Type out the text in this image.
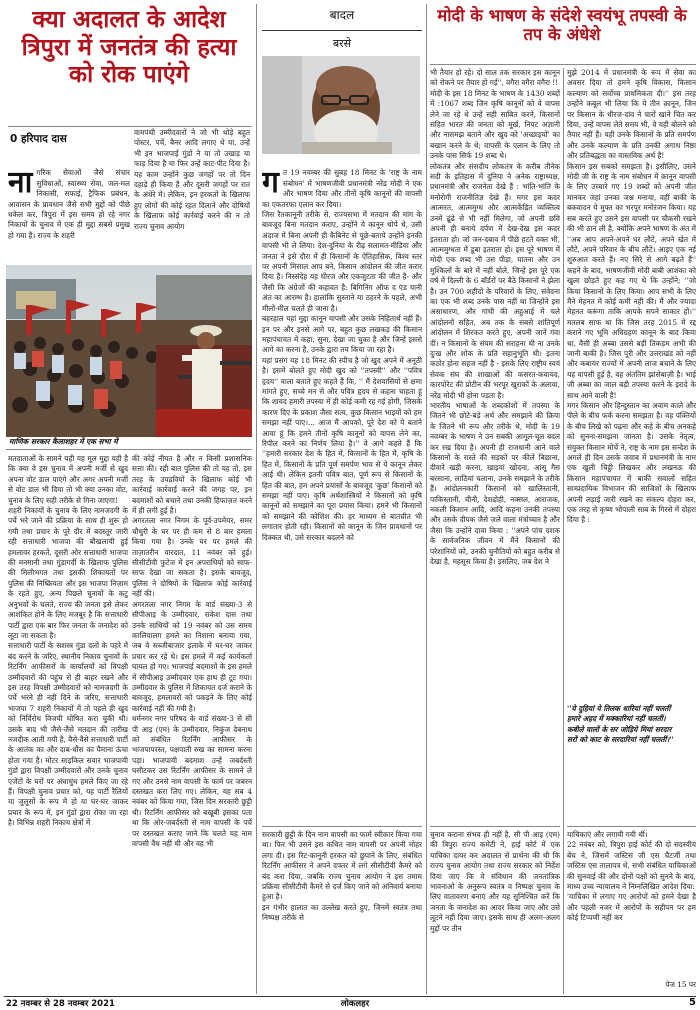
क्या अदालत के आदेश त्रिपुरा में जनतंत्र की हत्या को रोक पाएंगे
0 हरिपाद दास

नागरिक सेवाओं जैसे संचार सुविधाओं, स्वास्थ्य सेवा, जल-मल निकासी, सफाई, ट्रैफिक प्रबंधन, आवासन के प्रावधान जैसे सभी मुद्दों को पीछे धकेल कर, त्रिपुरा में इस समय हो रहे नगर निकायों के चुनाव में एक ही मुद्दा सबसे प्रमुख हो गया है। राज्य के शहरी

वामपंथी उम्मीदवारों ने जो भी थोड़े बहुत पोस्टर, पर्चे, बैनर आदि लगाए थे या, उन्हें भी इन भाजपाई गुंडों ने या तो उखाड़ या फाड़ दिया है या फिर उन्हें काट-पीट दिया है। यह काम उन्होंने कुछ जगहों पर तो दिन दहाड़े ही किया है और दूसरी जगहों पर रात के अंधेरे में। लेकिन, इन हरकतों के खिलाफ हुए लोगों की कोई रहत दिलाने और दोषियों के खिलाफ कोई कार्रवाई करने की न तो राज्य चुनाव आयोग
माणिक सरकार कैलाशहर में एक सभा में
मतदाताओं के सामने यही यह मूल मुद्दा यही है कि क्या वे इस चुनाव में अपनी मर्जी से खुद अपना वोट डाल पाएंगे और अगर अपनी मर्जी से वोट डाल भी दिया तो भी क्या उनका वोट, चुनाव के लिए सही तरीके से गिना जाएगा!
शहरी निकायों के चुनाव के लिए नामजदगी के पर्चे भरे जाने की प्रक्रिया के साथ ही शुरू हो गयी तथा प्रचार के पूरे दौर में बदस्तूर जारी रही सत्ताधारी भाजपा की बौखलायी हुई हमलावर हरकतें, दूसरी ओर सत्ताधारी भाजपा की मनमानी तथा गुंडागर्दी के खिलाफ पुलिस की मिलीभगत तथा इसकी शिकायतों पर पुलिस की निष्क्रियता और इस भाजपा निज़ाम के रहते हुए, अन्य पिछले चुनावों के कटु अनुभवों के चलते, राज्य की जनता इसे लेकर आशंकित होने के लिए मजबूर है कि सत्ताधारी पार्टी द्वारा एक बार फिर जनता के जनादेश को लूटा जा सकता है।
सत्ताधारी पार्टी के सशस्त्र गुंडा दलों के पहरे में बंद करने के जरिए, स्थानीय निकाय चुनावों के रिटर्निंग आफीसरों के कार्यालयों को विपक्षी उम्मीदवारों की पहुंच से ही बाहर रखने और इस तरह विपक्षी उम्मीदवारों को नामजदगी के पर्चे भरने ही नहीं दिने के जरिए, सत्ताधारी भाजपा 7 शहरी निकायों में तो पहले ही खुद को निर्विरोध विजयी घोषित करा चुकी थी। उसके बाद भी जैसे-जैसे मतदान की तारीख नजदीक आती गयी है, वैसे-वैसे सत्ताधारी पार्टी के आतंक का और दाब-धौंस का पैमाना ऊंचा होता गया है। मोटर साइकिल सवार भाजपायी गुंडों द्वारा विपक्षी उम्मीदवारों और उनके चुनाव एजेंटों के घरों पर अंधाधुंध हमले किए जा रहे हैं। विपक्षी चुनाव प्रचार को, यह पार्टी रैलियों या जुलूसों के रूप में हो या घर-घर जाकर प्रचार के रूप में, इन गुंडों द्वारा रोका जा रहा है। विभिन्न शहरी निकाय क्षेत्रों में
की कोई नीयत है और न किसी प्रशासनिक सत्ता की। रही बात पुलिस की तो यह तो, इस तरह के उपद्रवियों के खिलाफ कोई भी कार्रवाई कार्रवाई करने की जगह पर, इन बदमाशों को बचाने तथा उनकी हिफाज़त करने में ही लगी हुई है।
अगरतला नगर निगम के पूर्व-उपमेयर, समर चौधुरी के घर पर ही कम से 8 बार हमला किया गया है। उनके घर पर हमले की ताज़ातरीन वारदात, 11 नवंबर को हुई। सीसीटीवी फुटेज में इन अपराधियों को साफ-साफ देखा जा सकता है। इसके बावजूद, पुलिस ने दोषियों के खिलाफ कोई कार्रवाई नहीं की।
अगरतला नगर निगम के वार्ड संख्या-3 से सीपीआइ के उम्मीदवार, राकेश दास तथा उनके साथियों को 19 नवंबर को उस समय कालियालग हमले का निशाना बनाया गया, जब वे सब्जीबाजार इलाके में घर-घर जाकर प्रचार कर रहे थे। इस हमले में कई कार्यकर्ता घायल हो गए। भाजपाई बदमाशों के इस हमले में सीपीआइ उम्मीदवार एक हाथ ही टूट गया। उम्मीदवार के पुलिस में शिकायत दर्ज कराने के बावजूद, हमलावरों को पकड़ने के लिए कोई कार्रवाई नहीं की गयी है।
धर्मनगर नगर परिषद के वार्ड संख्या-3 से सी पी आइ (एम) के उम्मीदवार, निकुंज देबनाथ को संबंधित रिटर्निंग आफीसर के भाजपापरस्त, पक्षपाती रुख का सामना करना पड़ा। भाजपायी बदमाश उन्हें जबर्दस्ती घसीटकर उस रिटर्निंग आफीसर के सामने ले गए और उनसे नाम वापसी के फार्म पर जबरन दस्तखत करा लिए गए। लेकिन, यह सब 4 नवंबर को किया गया, जिस दिन सरकारी छुट्टी थी। रिटर्निंग आफीसर को बखूबी इसका पता था कि ओर-जबर्दस्ती से नाम वापसी के पर्चे पर दस्तखत कराए जाने कि चलते यह नाम वापसी वैध नहीं थी और वह भी
बादल
बरसे

गत 19 नवम्बर की सुबह 18 मिनट के 'राष्ट्र के नाम संबोधन' में भाषणजीवी प्रधानमंत्री नरेंद्र मोदी ने एक और भाषण दिया और तीनों कृषि कानूनों की वापसी का एकतरफा एलान कर दिया।
जिस रैतकानूनी तरीके से, राज्यसभा में मतदान की मांग के बावजूद बिना मतदान कराए, उन्होंने ये कानून थोपे थे, उसी अंदाज में बिना अपनी ही कैबिनेट से पूछे-बताये उन्होंने इनकी वापसी भी ले लिया। देश-दुनिया के रीढ़ सलामत-मीडिया और जनता ने इसे दौरा में ही किसानों के ऐतिहासिक, विश्व स्तर पर अपनी मिसाल आप बने, किसान आंदोलन की जीत करार दिया है। निस्संदेह यह धीरज और एकजुटता की जीत है- और जैसी कि अंग्रेजों की कहावत है: बिगिनिंग ऑफ द एंड यानी अंत का आरम्भ है। हालांकि सुस्ताने या ठहरने के पहले, अभी मीलों-मील चलते ही जाना है।
बहरहाल यहां मुद्दा कानून वापसी और उसके निहितार्थ नहीं हैं। इन पर और इनसे आगे पर, बहुत कुछ लखकड़ की किसान महापंचायत में कहा, सुना, देखा जा चुका है और जिन्हें इससे आगे का करना है, उनके द्वारा तय किया जा रहा है।
यहां प्रसंग यह 18 मिनट की स्पीच है जो खुद अपने में अनूठी है। इसमें बोलते हुए मोदी खुद को ''तपस्वी'' और ''पवित्र हृदय'' वाला बताते हुए कहते हैं कि, '' मैं देशवासियों से क्षमा मांगते हुए, सच्चे मन से और पवित्र हृदय से कहना चाहता हूं कि शायद हमारी तपस्या में ही कोई कमी रह गई होगी, जिसके कारण दिए के प्रकाश जैसा सत्य, कुछ किसान भाइयों को हम समझा नहीं पाए।... आज मैं आपको, पूरे देश को ये बताने आया हूं कि हमने तीनों कृषि कानूनों को वापस लेने का, रिपील करने का निर्णय लिया है।'' वे आगे कहते हैं कि ''हमारी सरकार देश के हित में, किसानों के हित में, कृषि के हित में, किसानों के प्रति पूर्ण समर्पण भाव से ये कानून लेकर आई थी। लेकिन इतनी पवित्र बात, पूर्ण रूप से किसानों के हित की बात, हम अपने प्रयासों के बावजूद 'कुछ' किसानों को समझा नहीं पाए। कृषि अर्थशास्त्रियों ने किसानों को कृषि कानूनों को समझाने का पूरा प्रयास किया। हमने भी किसानों को समझाने की कोशिश की। हर माध्यम से बातचीत भी लगातार होती रही। किसानों को कानून के जिन प्रावधानों पर दिक्कत थी, उसे सरकार बदलने को

सरकारी छुट्टी के दिन नाम वापसी का फार्म स्वीकार किया गया था। फिर भी उसने इस कथित नाम वापसी पर अपनी मोहर लगा दी। इस रिट-कानूनी हरकत को छुपाने के लिए, संबंधित रिटर्निंग आफीसर ने अपने दफ्तर में लगे सीसीटीवी कैमरे को बंद करा दिया, जबकि राज्य चुनाव आयोग ने इस तमाम प्रक्रिया सीसीटीवी कैमरे से दर्ज किए जाने को अनिवार्य बनाया हुआ है।
इन गंभीर हालात का उल्लेख करते हुए, जिनमें स्वतंत्र तथा निष्पक्ष तरीके से
मोदी के भाषण के संदेशे स्वयंभू तपस्वी के तप के अंधेशे
भी तैयार हो रहे। दो साल तक सरकार इस कानून को रोकने पर तैयार हो गई'', वगैरा वगैरा वगैरा !!
मोदी के इस 18 मिनट के भाषण के 1430 शब्दों में :1067 शब्द जिन कृषि कानूनों को वे वापस लेने जा रहे थे उन्हें सही साबित करने, किसानों सहित भारत की जनता को मूर्ख, निपट अज्ञानी और नासमझ बताने और खुद को 'अच्छाइयों' का बखान करने के थे; वापसी के एलान के लिए तो उनके पास सिर्फ 19 शब्द थे।
लोकतंत्र और संसदीय लोकतंत्र के करीब तीनेक सदी के इतिहास में दुनिया ने अनेक राष्ट्राध्यक्ष, प्रधानमंत्री और राजनेता देखे हैं : भांति-भांति के मनोरोगी राजनीतिज्ञ देखे हैं। मगर इस कदर आत्मरत, आत्ममुग्ध और आत्मकेंद्रित व्यक्तित्व उनमें ढूंढे से भी नहीं मिलेगा, जो अपनी छवि अपनी ही बनाये दर्पण में देख-देख इस कदर इतराता हो। जो जन-दबाव में पीछे हटते वक्त भी, आत्ममुग्धता में डूबा इतराता हो। इस पूरे भाषण में मोदी एक शब्द भी उस पीड़ा, यातना और उन मुश्किलों के बारे में नहीं बोले, जिन्हें इस पूरे एक वर्ष में दिल्ली के 6 बॉर्डरों पर बैठे किसानों ने झेला है। उन 700 शहीदों के परिवारों के लिए, संवेदना का एक भी शब्द उनके पास नहीं था जिन्होंने इस असाधारण, और गांधी की अहुआई में चले आंदोलनों सहित, अब तक के सबसे शांतिपूर्ण आंदोलन में शिरकत करते हुए, अपनी जानें गंवा दीं। न किसानों के संयम की सराहना थी ना उनके दुःख और शोक के प्रति सहानुभूति थी। इतना कठोर होना सहज नहीं है - इसके लिए राष्ट्रीय स्वयं सेवक संघ की शाखाओं की कसरत-कवायद, कारपोरेट की प्रोटीन की भरपूर खुराकों के अलावा, नरेंद्र मोदी भी होना पड़ता है।
भारतीय भाषाओं के शब्दकोशों में तपस्या के जितने भी छोटे-बड़े अर्थ और समझाने की क्रिया के जितने भी रूप और तरीके थे, मोदी के 19 नवम्बर के भाषण ने उन सबकी आमूल-चूल बदल कर रख दिया है। अपनी ही राजधानी आने वाले किसानों के रास्ते की सड़कों पर कीलें बिछाना, दीवारें खड़ी करना, खाइयां खोदना, आंसू गैस बरसाना, लाठियां चलाना, उनके समझाने के तरीके हैं। आंदोलनकारी किसानों को खालिस्तानी, पाकिस्तानी, चीनी, देशद्रोही, नक्सल, आराजक, नकली किसान आदि, आदि कहना उनकी तपस्या और उसके दीपक जैसे जले वाला मंत्रोच्चार है और जैसा कि उन्होंने दावा किया : ''अपने पांच दशक के सार्वजनिक जीवन में मैंने किसानों की परेशानियों को, उनकी चुनौतियों को बहुत करीब से देखा है, महसूस किया है। इसलिए, जब देश ने
चुनाव कराना संभव ही नहीं है, सी पी आइ (एम) की त्रिपुरा राज्य कमेटी ने, हाई कोर्ट में एक याचिका दायर कर अदालत से प्रार्थना की थी कि राज्य चुनाव आयोग तथा राज्य सरकार को निर्देश दिया जाए कि वे संविधान की जनतांत्रिक भावनाओं के अनुरूप स्वतंत्र व निष्पक्ष चुनाव के लिए वातावरण बनाएं और यह सुनिश्चित करें कि जनता के जनादेश का आदर किया जाए और उसे लूटने नहीं दिया जाए। इसके साथ ही अलग-अलग मुद्दों पर तीन
मुझे 2014 में प्रधानमंत्री के रूप में सेवा का अवसर दिया तो हमने कृषि विकास, किसान कल्याण को सर्वोच्च प्राथमिकता दी।'' इस तरह उन्होंने कबूल भी लिया कि ये तीन क़ानून, जिन पर किसान के धीरज-दांव ने चारों खाने चित कर दिया, उन्हें वापस लेते समय भी, वे यही बोलने को तैयार नहीं हैं। यही उनके किसानों के प्रति समर्पण और उनके कल्याण के प्रति उनकी अगाध निष्ठा और प्रतिबद्धता का वास्तविक अर्थ है!
किसान इस सबको समझता है। इसीलिए, उसने मोदी जी के राष्ट्र के नाम संबोधन में क़ानून वापसी के लिए उच्चारे गए 19 शब्दों को अपनी जीत मानकर जहां उनका जश्न मनाया, वहीं बाकी के बकवादन ये मुफ्त का भरपूर मनोरंजन किया। यह सब करते हुए उसने इस वापसी पर चौकसी रखने की भी ठान ली है, क्योंकि अपने भाषण के अंत में ''अब आप अपने-अपने घर लौटें, अपने खेत में लौटें, अपने परिवार के बीच लौटें। आइए एक नई शुरुआत करते हैं। नए सिरे से आगे बढ़ते हैं'' कहने के बाद, भाषणजीवी मोदी बाबी आशंका को खुला छोड़ते हुए कह गए थे कि उन्होंने; ''जो किया किसानों के लिए किया। आप सभी के लिए मैंने मेहनत में कोई कमी नहीं की। मैं और ज्यादा मेहनत करूंगा ताकि आपके सपने साकार हों।'' मतलब साफ था कि जिस तरह 2015 में रद्द कराने गए भूमि अधिग्रहण कानून के बाद किया था, वैसी ही अब्बा उससे बड़ी तिकड़म अभी की जानी बाकी है। जिस पूरी और उत्तराखंड को नहीं और कबायर राज्यों में अपनी लाज बचाने के लिए यह वापसी हुई है, वह अंततिम झांसेबाज़ी है। भाई जी अब्बा का जाल बड़ी तपस्या करने के इरादे के साथ आने वाली है!
मगर किसान और हिन्दुस्तान का अवाम काले और पीले के बीच फर्क करना समझता है। वह पंक्तियों के बीच लिखे को पढ़ना और कहे के बीच अनकहे को सुनना-समझना जानता है। उसके नेतृत्व, संयुक्त किसान मोर्चे ने, राष्ट्र के नाम इस सन्देश के अगले ही दिन उसके जवाब में प्रधानमंत्री के नाम एक खुली चिट्ठी लिखकर और लखनऊ की किसान महापंचायत में बाकी सवालों सहित साम्प्रदायिक विभाजन की साजिशों के खिलाफ अपनी लड़ाई जारी रखने का संकल्प दोहरा कर, एक तरह से कृष्ण भोपाली साब के गिरसे में दोहरा दिया है :
''ये दुहियां ये तिलक धारियां नहीं चलतीं
हमारे अहद में मक्कारियां नहीं चलतीं।
कबीले वालों के सर जोड़िये मियां सरदार
सरों को काट के सरदारियां नहीं चलतीं।''
याचिकाएं और लगायी गयी थीं।
22 नवंबर को, त्रिपुरा हाई कोर्ट की दो सदस्यीय बेंच ने, जिसमें जस्टिस जी एस चैटर्जी तथा जस्टिस एस तालापत्र थे, सभी संबंधित याचिकाओं की सुनवाई की और दोनों पक्षों को सुनने के बाद, माध्य उच्च न्यायालय ने निम्नलिखित आदेश दिया:
'याचिका में लगाए गए आरोपों को हमने देखा है और पहली नजर में आरोपों के सहीपन पर हम कोई टिप्पणी नहीं कर
पेज 15 पर
22 नवम्बर से 28 नवम्बर 2021	लोकलहर	5
